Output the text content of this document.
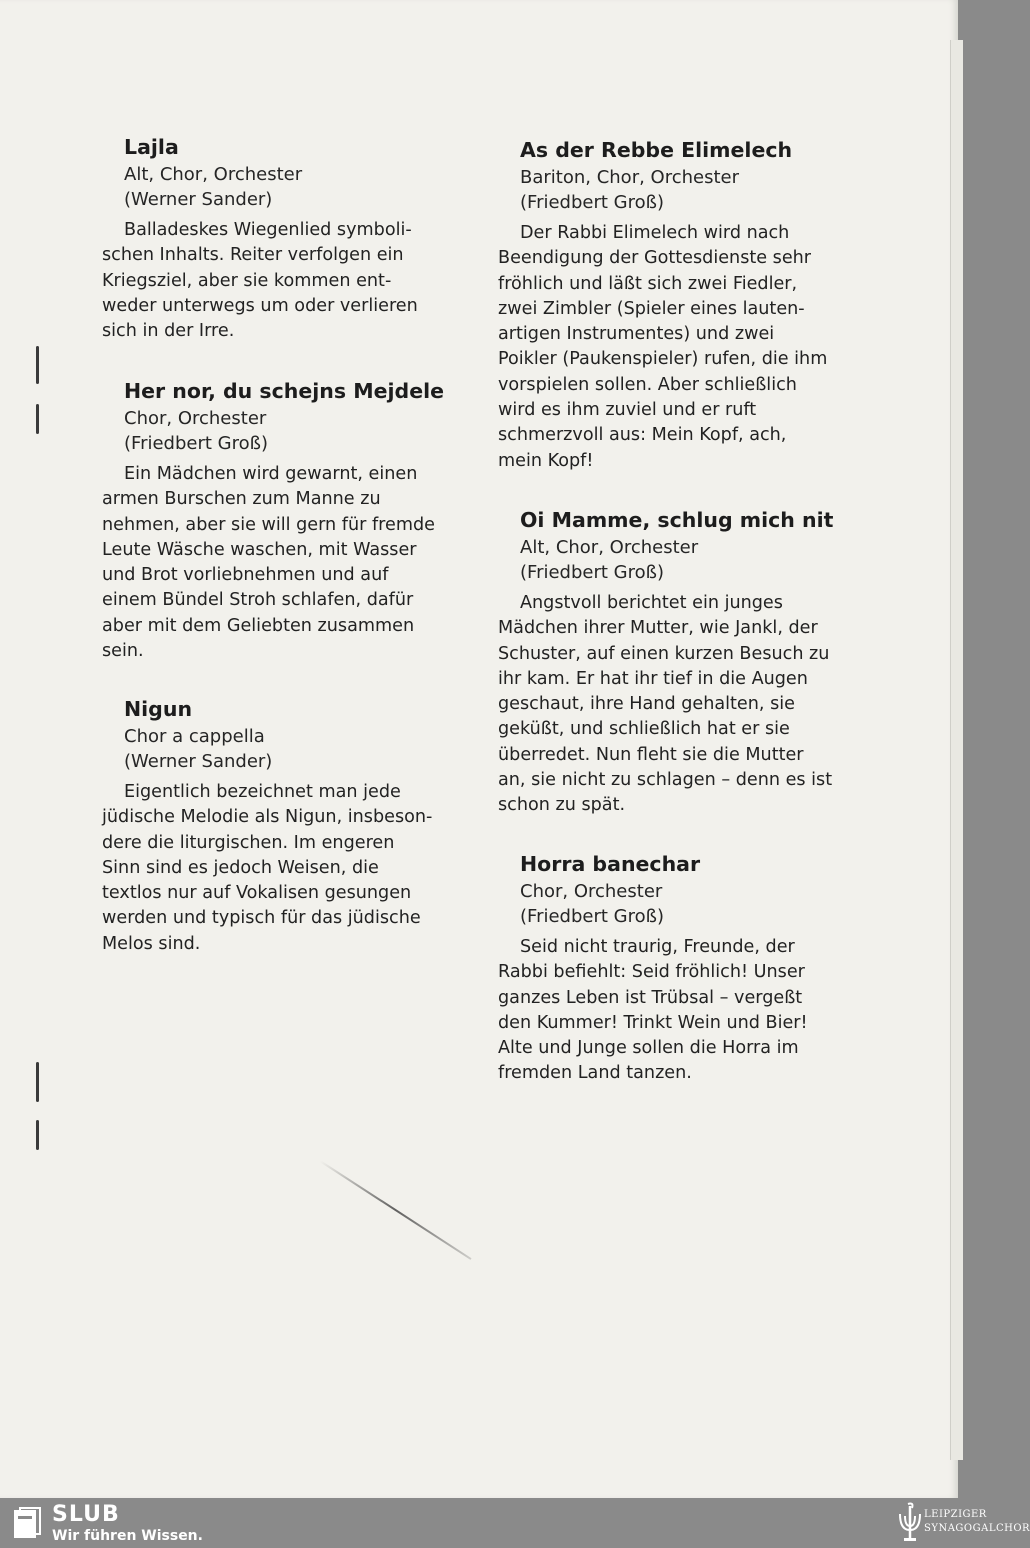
Lajla
Alt, Chor, Orchester
(Werner Sander)
Balladeskes Wiegenlied symboli-
schen Inhalts. Reiter verfolgen ein
Kriegsziel, aber sie kommen ent-
weder unterwegs um oder verlieren
sich in der Irre.
Her nor, du schejns Mejdele
Chor, Orchester
(Friedbert Groß)
Ein Mädchen wird gewarnt, einen
armen Burschen zum Manne zu
nehmen, aber sie will gern für fremde
Leute Wäsche waschen, mit Wasser
und Brot vorliebnehmen und auf
einem Bündel Stroh schlafen, dafür
aber mit dem Geliebten zusammen
sein.
Nigun
Chor a cappella
(Werner Sander)
Eigentlich bezeichnet man jede
jüdische Melodie als Nigun, insbeson-
dere die liturgischen. Im engeren
Sinn sind es jedoch Weisen, die
textlos nur auf Vokalisen gesungen
werden und typisch für das jüdische
Melos sind.
As der Rebbe Elimelech
Bariton, Chor, Orchester
(Friedbert Groß)
Der Rabbi Elimelech wird nach
Beendigung der Gottesdienste sehr
fröhlich und läßt sich zwei Fiedler,
zwei Zimbler (Spieler eines lauten-
artigen Instrumentes) und zwei
Poikler (Paukenspieler) rufen, die ihm
vorspielen sollen. Aber schließlich
wird es ihm zuviel und er ruft
schmerzvoll aus: Mein Kopf, ach,
mein Kopf!
Oi Mamme, schlug mich nit
Alt, Chor, Orchester
(Friedbert Groß)
Angstvoll berichtet ein junges
Mädchen ihrer Mutter, wie Jankl, der
Schuster, auf einen kurzen Besuch zu
ihr kam. Er hat ihr tief in die Augen
geschaut, ihre Hand gehalten, sie
geküßt, und schließlich hat er sie
überredet. Nun fleht sie die Mutter
an, sie nicht zu schlagen – denn es ist
schon zu spät.
Horra banechar
Chor, Orchester
(Friedbert Groß)
Seid nicht traurig, Freunde, der
Rabbi befiehlt: Seid fröhlich! Unser
ganzes Leben ist Trübsal – vergeßt
den Kummer! Trinkt Wein und Bier!
Alte und Junge sollen die Horra im
fremden Land tanzen.
SLUB
Wir führen Wissen.
LEIPZIGER
SYNAGOGALCHOR
